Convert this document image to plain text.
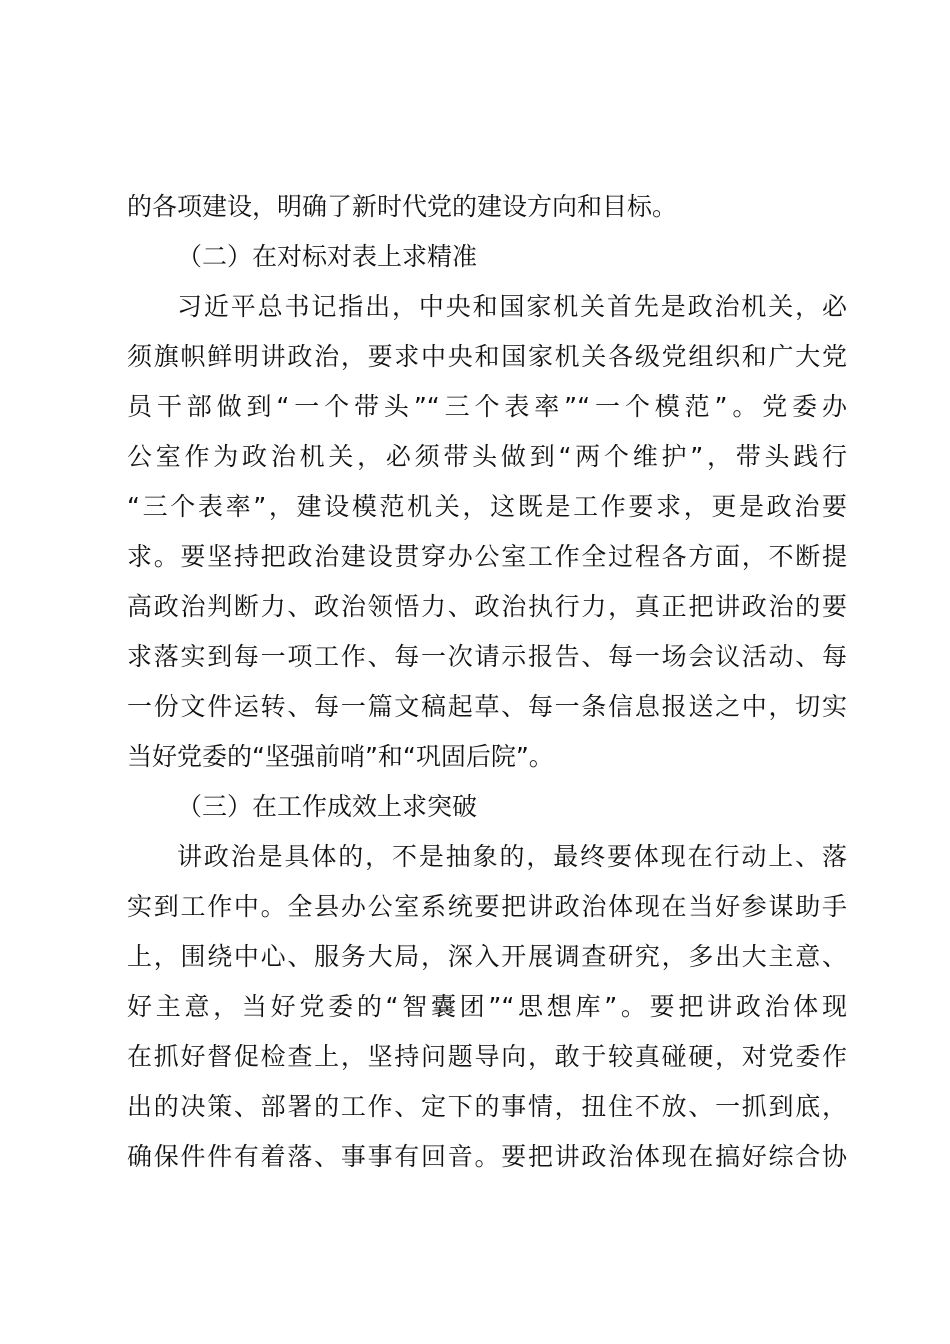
的各项建设，明确了新时代党的建设方向和目标。
（二）在对标对表上求精准
习近平总书记指出，中央和国家机关首先是政治机关，必
须旗帜鲜明讲政治，要求中央和国家机关各级党组织和广大党
员干部做到“一个带头”“三个表率”“一个模范”。党委办
公室作为政治机关，必须带头做到“两个维护”，带头践行
“三个表率”，建设模范机关，这既是工作要求，更是政治要
求。要坚持把政治建设贯穿办公室工作全过程各方面，不断提
高政治判断力、政治领悟力、政治执行力，真正把讲政治的要
求落实到每一项工作、每一次请示报告、每一场会议活动、每
一份文件运转、每一篇文稿起草、每一条信息报送之中，切实
当好党委的“坚强前哨”和“巩固后院”。
（三）在工作成效上求突破
讲政治是具体的，不是抽象的，最终要体现在行动上、落
实到工作中。全县办公室系统要把讲政治体现在当好参谋助手
上，围绕中心、服务大局，深入开展调查研究，多出大主意、
好主意，当好党委的“智囊团”“思想库”。要把讲政治体现
在抓好督促检查上，坚持问题导向，敢于较真碰硬，对党委作
出的决策、部署的工作、定下的事情，扭住不放、一抓到底，
确保件件有着落、事事有回音。要把讲政治体现在搞好综合协
